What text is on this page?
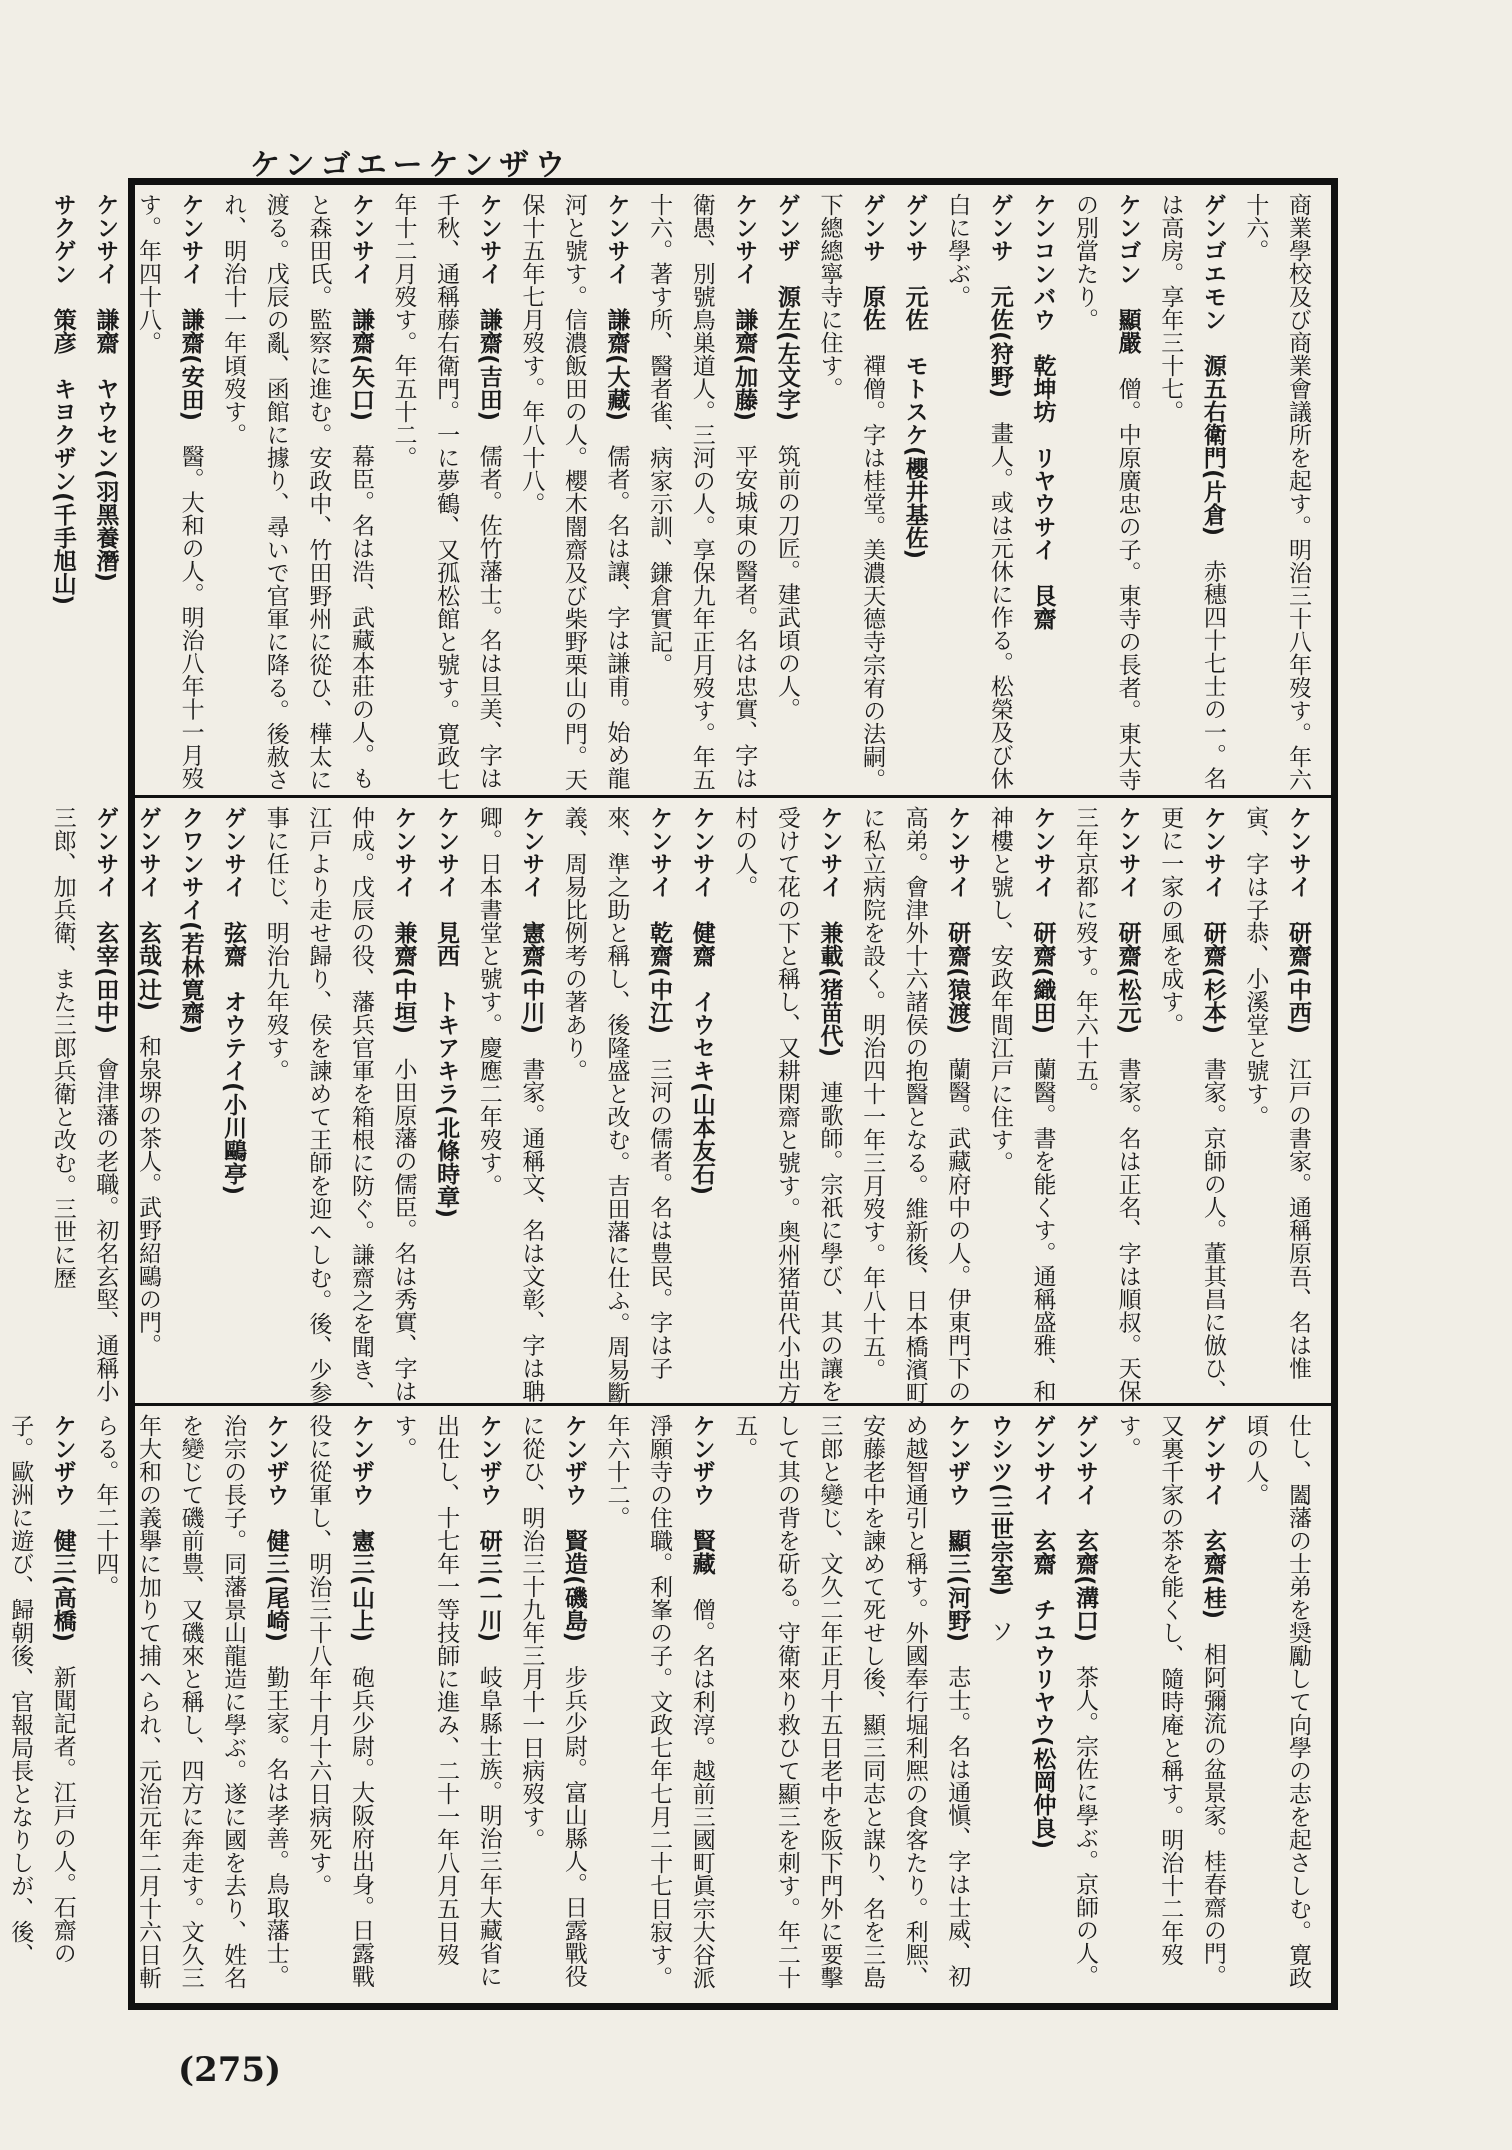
ケンゴエーケンザウ
商業學校及び商業會議所を起す。明治三十八年歿す。年六十六。
ゲンゴエモン　源五右衛門(片倉)　赤穗四十七士の一。名は高房。享年三十七。
ケンゴン　顯嚴　僧。中原廣忠の子。東寺の長者。東大寺の別當たり。
ケンコンバウ　乾坤坊　リヤウサイ　艮齋
ゲンサ　元佐(狩野)　畫人。或は元休に作る。松榮及び休白に學ぶ。
ゲンサ　元佐　モトスケ(櫻井基佐)
ゲンサ　原佐　禪僧。字は桂堂。美濃天德寺宗宥の法嗣。下總總寧寺に住す。
ゲンザ　源左(左文字)　筑前の刀匠。建武頃の人。
ケンサイ　謙齋(加藤)　平安城東の醫者。名は忠實、字は衛愚、別號鳥巣道人。三河の人。享保九年正月歿す。年五十六。著す所、醫者雀、病家示訓、鎌倉實記。
ケンサイ　謙齋(大藏)　儒者。名は讓、字は謙甫。始め龍河と號す。信濃飯田の人。櫻木闇齋及び柴野栗山の門。天保十五年七月歿す。年八十八。
ケンサイ　謙齋(吉田)　儒者。佐竹藩士。名は旦美、字は千秋、通稱藤右衛門。一に夢鶴、又孤松館と號す。寛政七年十二月歿す。年五十二。
ケンサイ　謙齋(矢口)　幕臣。名は浩、武藏本莊の人。もと森田氏。監察に進む。安政中、竹田野州に從ひ、樺太に渡る。戊辰の亂、函館に據り、尋いで官軍に降る。後赦され、明治十一年頃歿す。
ケンサイ　謙齋(安田)　醫。大和の人。明治八年十一月歿す。年四十八。
ケンサイ　謙齋　ヤウセン(羽黑養潛)
サクゲン　策彦　キヨクザン(千手旭山)
ケンサイ　研齋(中西)　江戸の書家。通稱原吾、名は惟寅、字は子恭、小溪堂と號す。
ケンサイ　研齋(杉本)　書家。京師の人。董其昌に倣ひ、更に一家の風を成す。
ケンサイ　研齋(松元)　書家。名は正名、字は順叔。天保三年京都に歿す。年六十五。
ケンサイ　研齋(織田)　蘭醫。書を能くす。通稱盛雅、和神樓と號し、安政年間江戸に住す。
ケンサイ　研齋(猿渡)　蘭醫。武藏府中の人。伊東門下の高弟。會津外十六諸侯の抱醫となる。維新後、日本橋濱町に私立病院を設く。明治四十一年三月歿す。年八十五。
ケンサイ　兼載(猪苗代)　連歌師。宗祇に學び、其の讓を受けて花の下と稱し、又耕閑齋と號す。奥州猪苗代小出方村の人。
ケンサイ　健齋　イウセキ(山本友石)
ケンサイ　乾齋(中江)　三河の儒者。名は豊民。字は子來、準之助と稱し、後隆盛と改む。吉田藩に仕ふ。周易斷義、周易比例考の著あり。
ケンサイ　憲齋(中川)　書家。通稱文、名は文彰、字は聃卿。日本書堂と號す。慶應二年歿す。
ケンサイ　見西　トキアキラ(北條時章)
ケンサイ　兼齋(中垣)　小田原藩の儒臣。名は秀實、字は仲成。戊辰の役、藩兵官軍を箱根に防ぐ。謙齋之を聞き、江戸より走せ歸り、侯を諫めて王師を迎へしむ。後、少参事に任じ、明治九年歿す。
ゲンサイ　弦齋　オウテイ(小川鷗亭)
クワンサイ(若林寛齋)
ゲンサイ　玄哉(辻)　和泉堺の茶人。武野紹鷗の門。
ゲンサイ　玄宰(田中)　會津藩の老職。初名玄堅、通稱小三郎、加兵衛、また三郎兵衛と改む。三世に歷
仕し、闔藩の士弟を奨勵して向學の志を起さしむ。寛政頃の人。
ゲンサイ　玄齋(桂)　相阿彌流の盆景家。桂春齋の門。又裏千家の茶を能くし、隨時庵と稱す。明治十二年歿す。
ゲンサイ　玄齋(溝口)　茶人。宗佐に學ぶ。京師の人。
ゲンサイ　玄齋　チユウリヤウ(松岡仲良)
ウシツ(三世宗室)　ソ
ケンザウ　顯三(河野)　志士。名は通愼、字は士威、初め越智通引と稱す。外國奉行堀利熈の食客たり。利熈、安藤老中を諫めて死せし後、顯三同志と謀り、名を三島三郎と變じ、文久二年正月十五日老中を阪下門外に要擊して其の背を斫る。守衛來り救ひて顯三を刺す。年二十五。
ケンザウ　賢藏　僧。名は利淳。越前三國町眞宗大谷派淨願寺の住職。利峯の子。文政七年七月二十七日寂す。年六十二。
ケンザウ　賢造(磯島)　步兵少尉。富山縣人。日露戰役に從ひ、明治三十九年三月十一日病歿す。
ケンザウ　研三(一川)　岐阜縣士族。明治三年大藏省に出仕し、十七年一等技師に進み、二十一年八月五日歿す。
ケンザウ　憲三(山上)　砲兵少尉。大阪府出身。日露戰役に從軍し、明治三十八年十月十六日病死す。
ケンザウ　健三(尾崎)　勤王家。名は孝善。鳥取藩士。治宗の長子。同藩景山龍造に學ぶ。遂に國を去り、姓名を變じて磯前豊、又磯來と稱し、四方に奔走す。文久三年大和の義擧に加りて捕へられ、元治元年二月十六日斬らる。年二十四。
ケンザウ　健三(高橋)　新聞記者。江戸の人。石齋の子。歐洲に遊び、歸朝後、官報局長となりしが、後、
(275)
